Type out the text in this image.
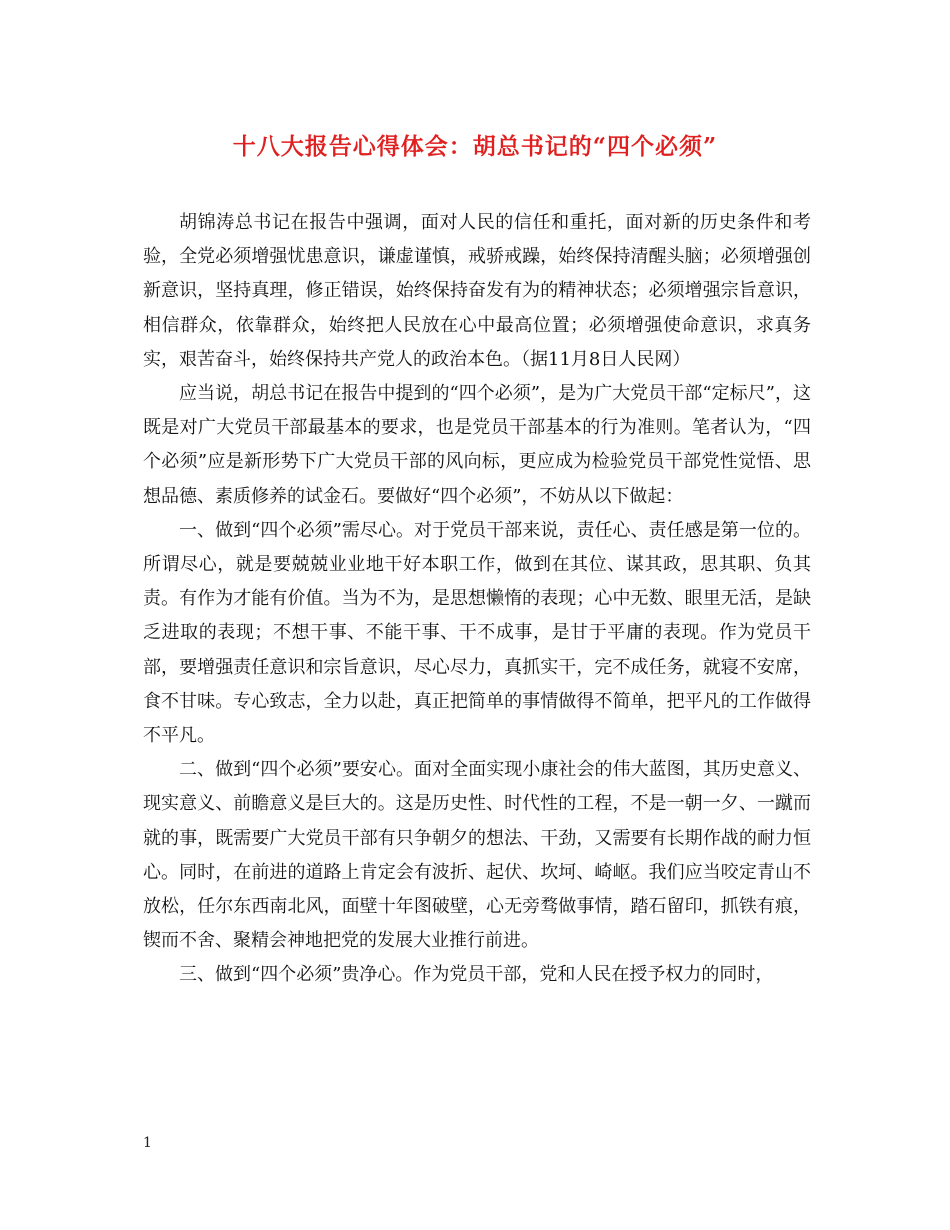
十八大报告心得体会：胡总书记的“四个必须”

胡锦涛总书记在报告中强调，面对人民的信任和重托，面对新的历史条件和考验，全党必须增强忧患意识，谦虚谨慎，戒骄戒躁，始终保持清醒头脑；必须增强创新意识，坚持真理，修正错误，始终保持奋发有为的精神状态；必须增强宗旨意识，相信群众，依靠群众，始终把人民放在心中最高位置；必须增强使命意识，求真务实，艰苦奋斗，始终保持共产党人的政治本色。（据11月8日人民网）

应当说，胡总书记在报告中提到的“四个必须”，是为广大党员干部“定标尺”，这既是对广大党员干部最基本的要求，也是党员干部基本的行为准则。笔者认为，“四个必须”应是新形势下广大党员干部的风向标，更应成为检验党员干部党性觉悟、思想品德、素质修养的试金石。要做好“四个必须”，不妨从以下做起：

一、做到“四个必须”需尽心。对于党员干部来说，责任心、责任感是第一位的。所谓尽心，就是要兢兢业业地干好本职工作，做到在其位、谋其政，思其职、负其责。有作为才能有价值。当为不为，是思想懒惰的表现；心中无数、眼里无活，是缺乏进取的表现；不想干事、不能干事、干不成事，是甘于平庸的表现。作为党员干部，要增强责任意识和宗旨意识，尽心尽力，真抓实干，完不成任务，就寝不安席，食不甘味。专心致志，全力以赴，真正把简单的事情做得不简单，把平凡的工作做得不平凡。

二、做到“四个必须”要安心。面对全面实现小康社会的伟大蓝图，其历史意义、现实意义、前瞻意义是巨大的。这是历史性、时代性的工程，不是一朝一夕、一蹴而就的事，既需要广大党员干部有只争朝夕的想法、干劲，又需要有长期作战的耐力恒心。同时，在前进的道路上肯定会有波折、起伏、坎坷、崎岖。我们应当咬定青山不放松，任尔东西南北风，面壁十年图破壁，心无旁骛做事情，踏石留印，抓铁有痕，锲而不舍、聚精会神地把党的发展大业推行前进。

三、做到“四个必须”贵净心。作为党员干部，党和人民在授予权力的同时，

1
